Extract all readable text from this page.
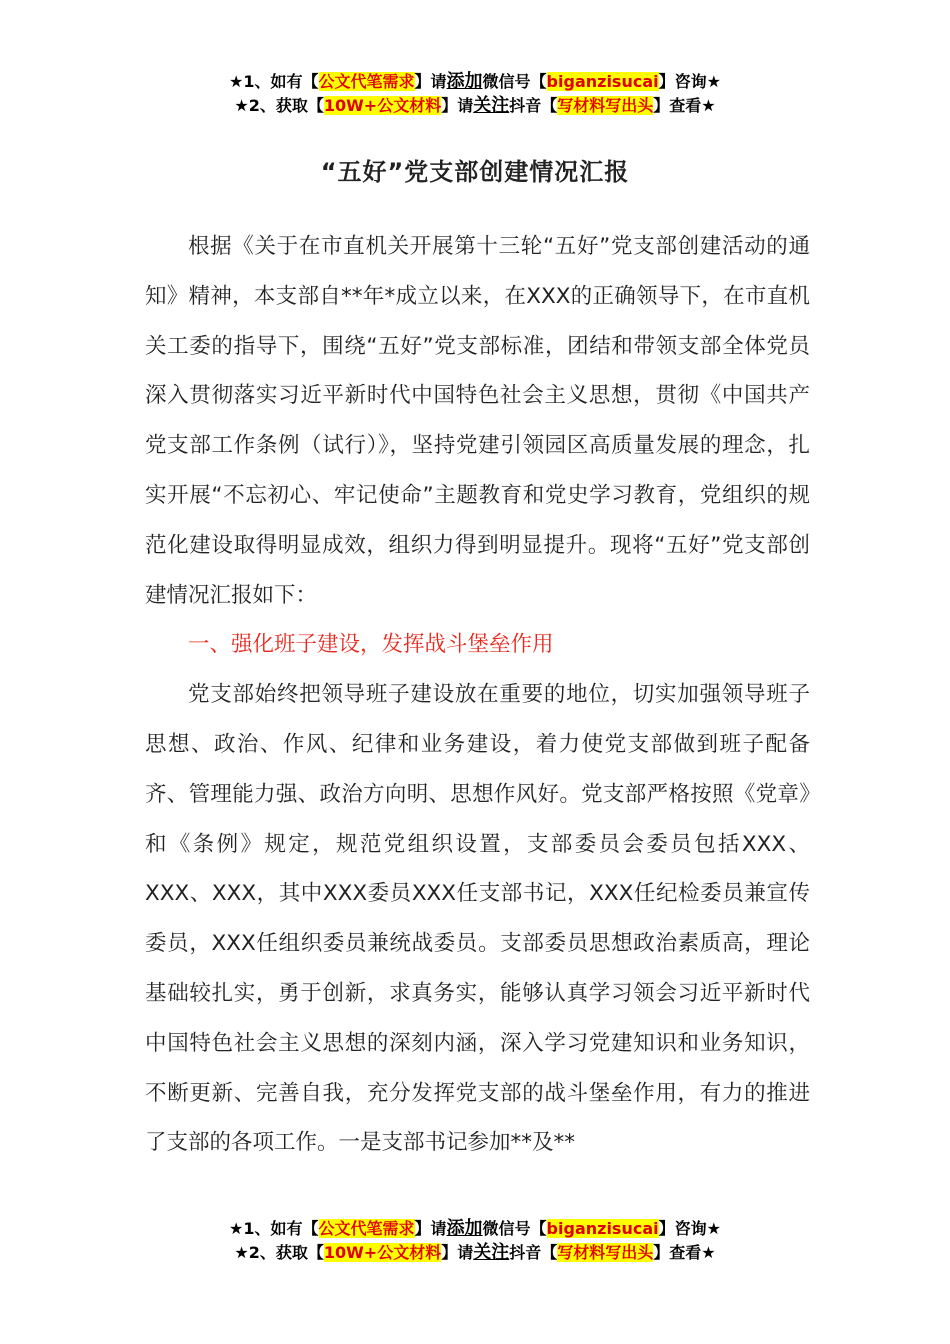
★1、如有【公文代笔需求】请添加微信号【biganzisucai】咨询★
★2、获取【10W+公文材料】请关注抖音【写材料写出头】查看★
“五好”党支部创建情况汇报

根据《关于在市直机关开展第十三轮“五好”党支部创建活动的通知》精神，本支部自**年*成立以来，在XXX的正确领导下，在市直机关工委的指导下，围绕“五好”党支部标准，团结和带领支部全体党员深入贯彻落实习近平新时代中国特色社会主义思想，贯彻《中国共产党支部工作条例（试行）》，坚持党建引领园区高质量发展的理念，扎实开展“不忘初心、牢记使命”主题教育和党史学习教育，党组织的规范化建设取得明显成效，组织力得到明显提升。现将“五好”党支部创建情况汇报如下：

一、强化班子建设，发挥战斗堡垒作用

党支部始终把领导班子建设放在重要的地位，切实加强领导班子思想、政治、作风、纪律和业务建设，着力使党支部做到班子配备齐、管理能力强、政治方向明、思想作风好。党支部严格按照《党章》和《条例》规定，规范党组织设置，支部委员会委员包括XXX、XXX、XXX，其中XXX委员XXX任支部书记，XXX任纪检委员兼宣传委员，XXX任组织委员兼统战委员。支部委员思想政治素质高，理论基础较扎实，勇于创新，求真务实，能够认真学习领会习近平新时代中国特色社会主义思想的深刻内涵，深入学习党建知识和业务知识，不断更新、完善自我，充分发挥党支部的战斗堡垒作用，有力的推进了支部的各项工作。一是支部书记参加**及**

★1、如有【公文代笔需求】请添加微信号【biganzisucai】咨询★
★2、获取【10W+公文材料】请关注抖音【写材料写出头】查看★
